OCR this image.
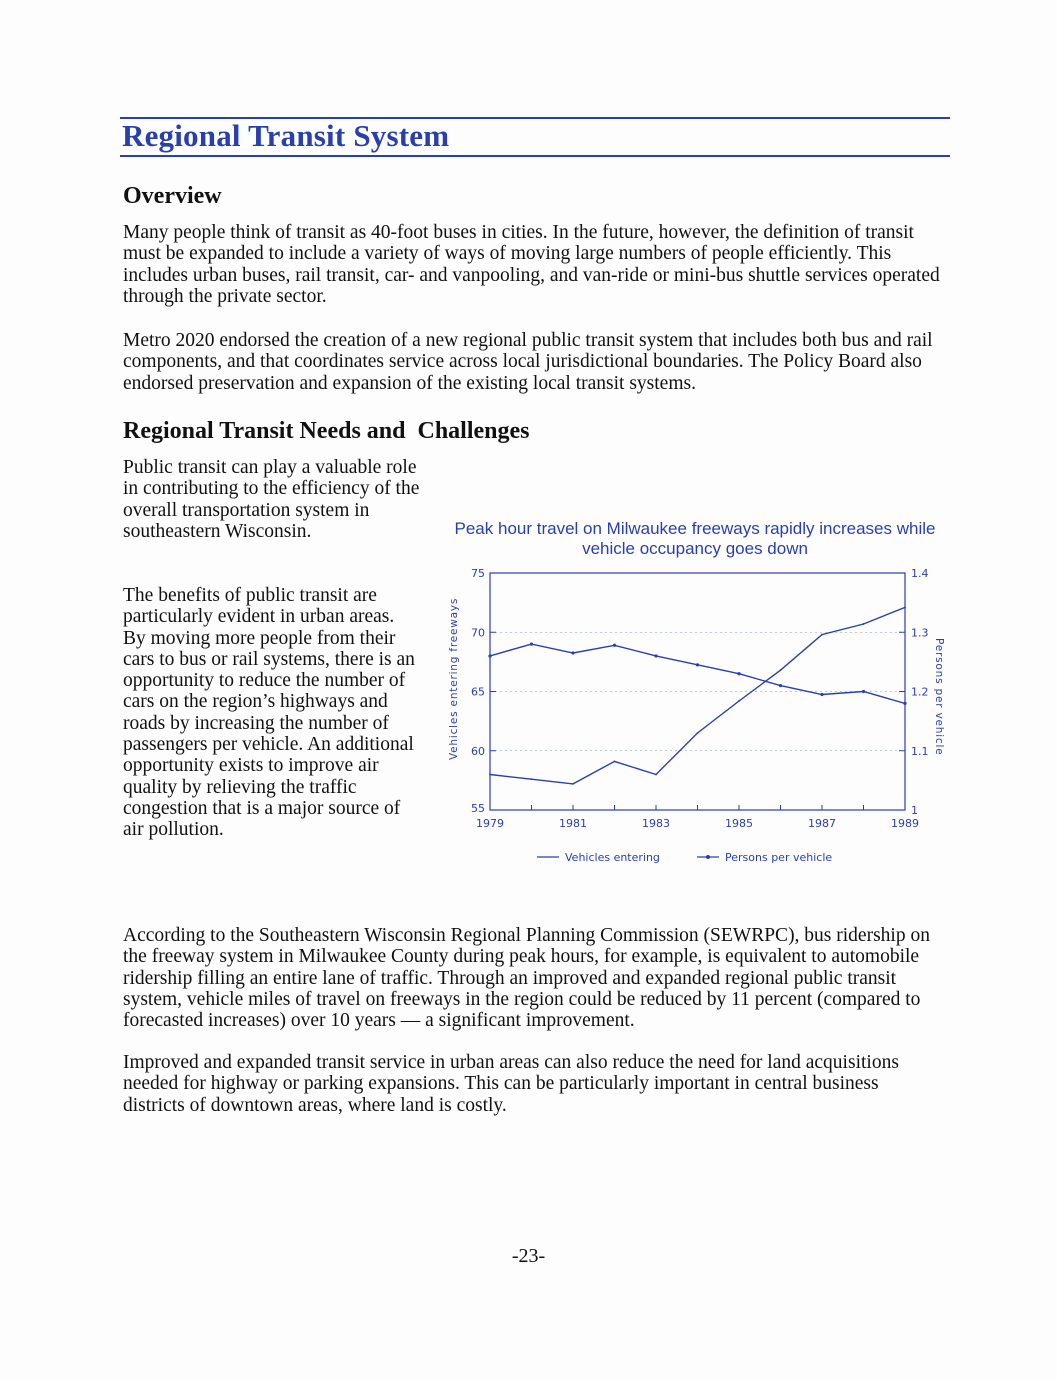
Regional Transit System
Overview

Many people think of transit as 40-foot buses in cities. In the future, however, the definition of transit must be expanded to include a variety of ways of moving large numbers of people efficiently. This includes urban buses, rail transit, car- and vanpooling, and van-ride or mini-bus shuttle services operated through the private sector.

Metro 2020 endorsed the creation of a new regional public transit system that includes both bus and rail components, and that coordinates service across local jurisdictional boundaries. The Policy Board also endorsed preservation and expansion of the existing local transit systems.

Regional Transit Needs and  Challenges

Public transit can play a valuable role in contributing to the efficiency of the overall transportation system in southeastern Wisconsin.

The benefits of public transit are particularly evident in urban areas. By moving more people from their cars to bus or rail systems, there is an opportunity to reduce the number of cars on the region’s highways and roads by increasing the number of passengers per vehicle. An additional opportunity exists to improve air quality by relieving the traffic congestion that is a major source of air pollution.

According to the Southeastern Wisconsin Regional Planning Commission (SEWRPC), bus ridership on the freeway system in Milwaukee County during peak hours, for example, is equivalent to automobile ridership filling an entire lane of traffic. Through an improved and expanded regional public transit system, vehicle miles of travel on freeways in the region could be reduced by 11 percent (compared to forecasted increases) over 10 years — a significant improvement.

Improved and expanded transit service in urban areas can also reduce the need for land acquisitions needed for highway or parking expansions. This can be particularly important in central business districts of downtown areas, where land is costly.

Peak hour travel on Milwaukee freeways rapidly increases while vehicle occupancy goes down

75	1.4
70	1.3
65	1.2
60	1.1
55	1
1979	1981	1983	1985	1987	1989
Vehicles entering freeways	Persons per vehicle
Vehicles entering	Persons per vehicle

-23-
